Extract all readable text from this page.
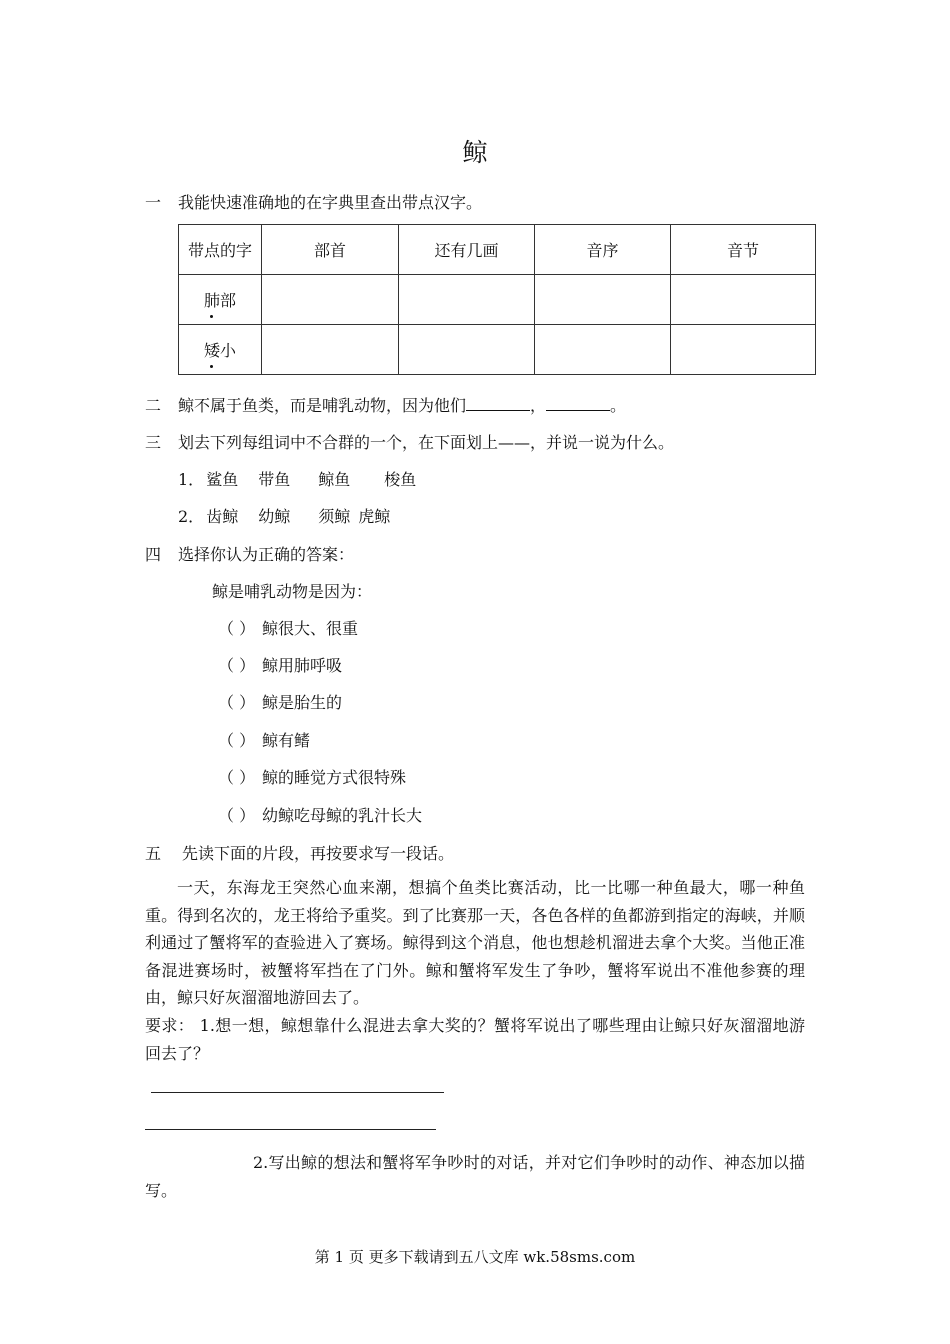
鲸
一 我能快速准确地的在字典里查出带点汉字。
带点的字	部首	还有几画	音序	音节
肺部				
矮小				
二 鲸不属于鱼类，而是哺乳动物，因为他们	，	。
三 划去下列每组词中不合群的一个，在下面划上——，并说一说为什么。
1． 鲨鱼 带鱼 鲸鱼 梭鱼
2． 齿鲸 幼鲸 须鲸 虎鲸
四 选择你认为正确的答案：
鲸是哺乳动物是因为：
（ ） 鲸很大、很重
（ ） 鲸用肺呼吸
（ ） 鲸是胎生的
（ ） 鲸有鳍
（ ） 鲸的睡觉方式很特殊
（ ） 幼鲸吃母鲸的乳汁长大
五 先读下面的片段，再按要求写一段话。
一天，东海龙王突然心血来潮，想搞个鱼类比赛活动，比一比哪一种鱼最大，哪一种鱼重。得到名次的，龙王将给予重奖。到了比赛那一天，各色各样的鱼都游到指定的海峡，并顺利通过了蟹将军的查验进入了赛场。鲸得到这个消息，他也想趁机溜进去拿个大奖。当他正准备混进赛场时，被蟹将军挡在了门外。鲸和蟹将军发生了争吵，蟹将军说出不准他参赛的理由，鲸只好灰溜溜地游回去了。
要求： 1.想一想，鲸想靠什么混进去拿大奖的？蟹将军说出了哪些理由让鲸只好灰溜溜地游回去了？
2.写出鲸的想法和蟹将军争吵时的对话，并对它们争吵时的动作、神态加以描写。
第 1 页 更多下载请到五八文库 wk.58sms.com
